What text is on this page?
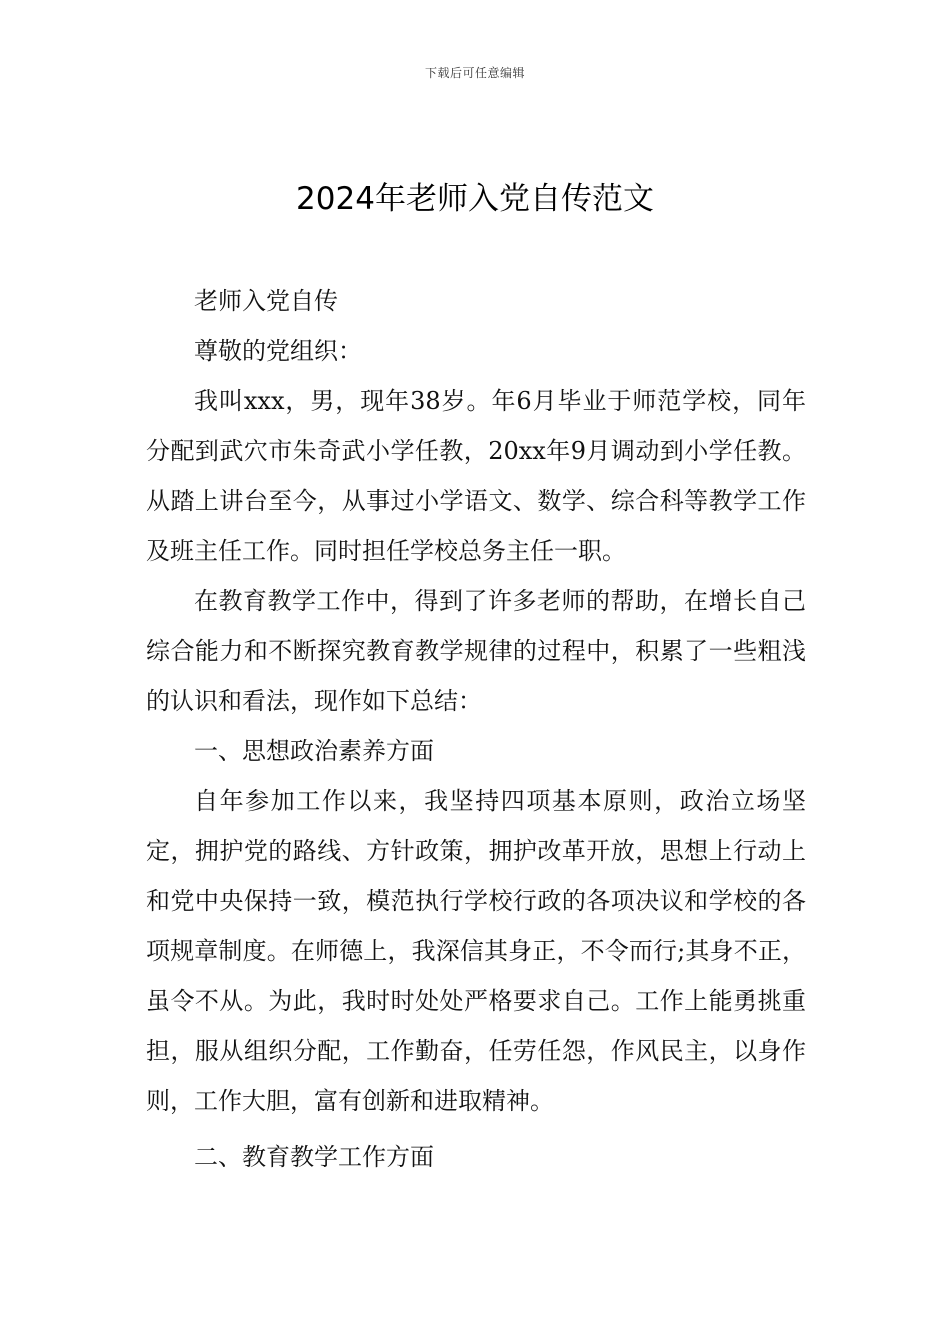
下载后可任意编辑
2024年老师入党自传范文

老师入党自传

尊敬的党组织：

我叫xxx，男，现年38岁。年6月毕业于师范学校，同年分配到武穴市朱奇武小学任教，20xx年9月调动到小学任教。从踏上讲台至今，从事过小学语文、数学、综合科等教学工作及班主任工作。同时担任学校总务主任一职。

在教育教学工作中，得到了许多老师的帮助，在增长自己综合能力和不断探究教育教学规律的过程中，积累了一些粗浅的认识和看法，现作如下总结：

一、思想政治素养方面

自年参加工作以来，我坚持四项基本原则，政治立场坚定，拥护党的路线、方针政策，拥护改革开放，思想上行动上和党中央保持一致，模范执行学校行政的各项决议和学校的各项规章制度。在师德上，我深信其身正，不令而行;其身不正，虽令不从。为此，我时时处处严格要求自己。工作上能勇挑重担，服从组织分配，工作勤奋，任劳任怨，作风民主，以身作则，工作大胆，富有创新和进取精神。

二、教育教学工作方面
